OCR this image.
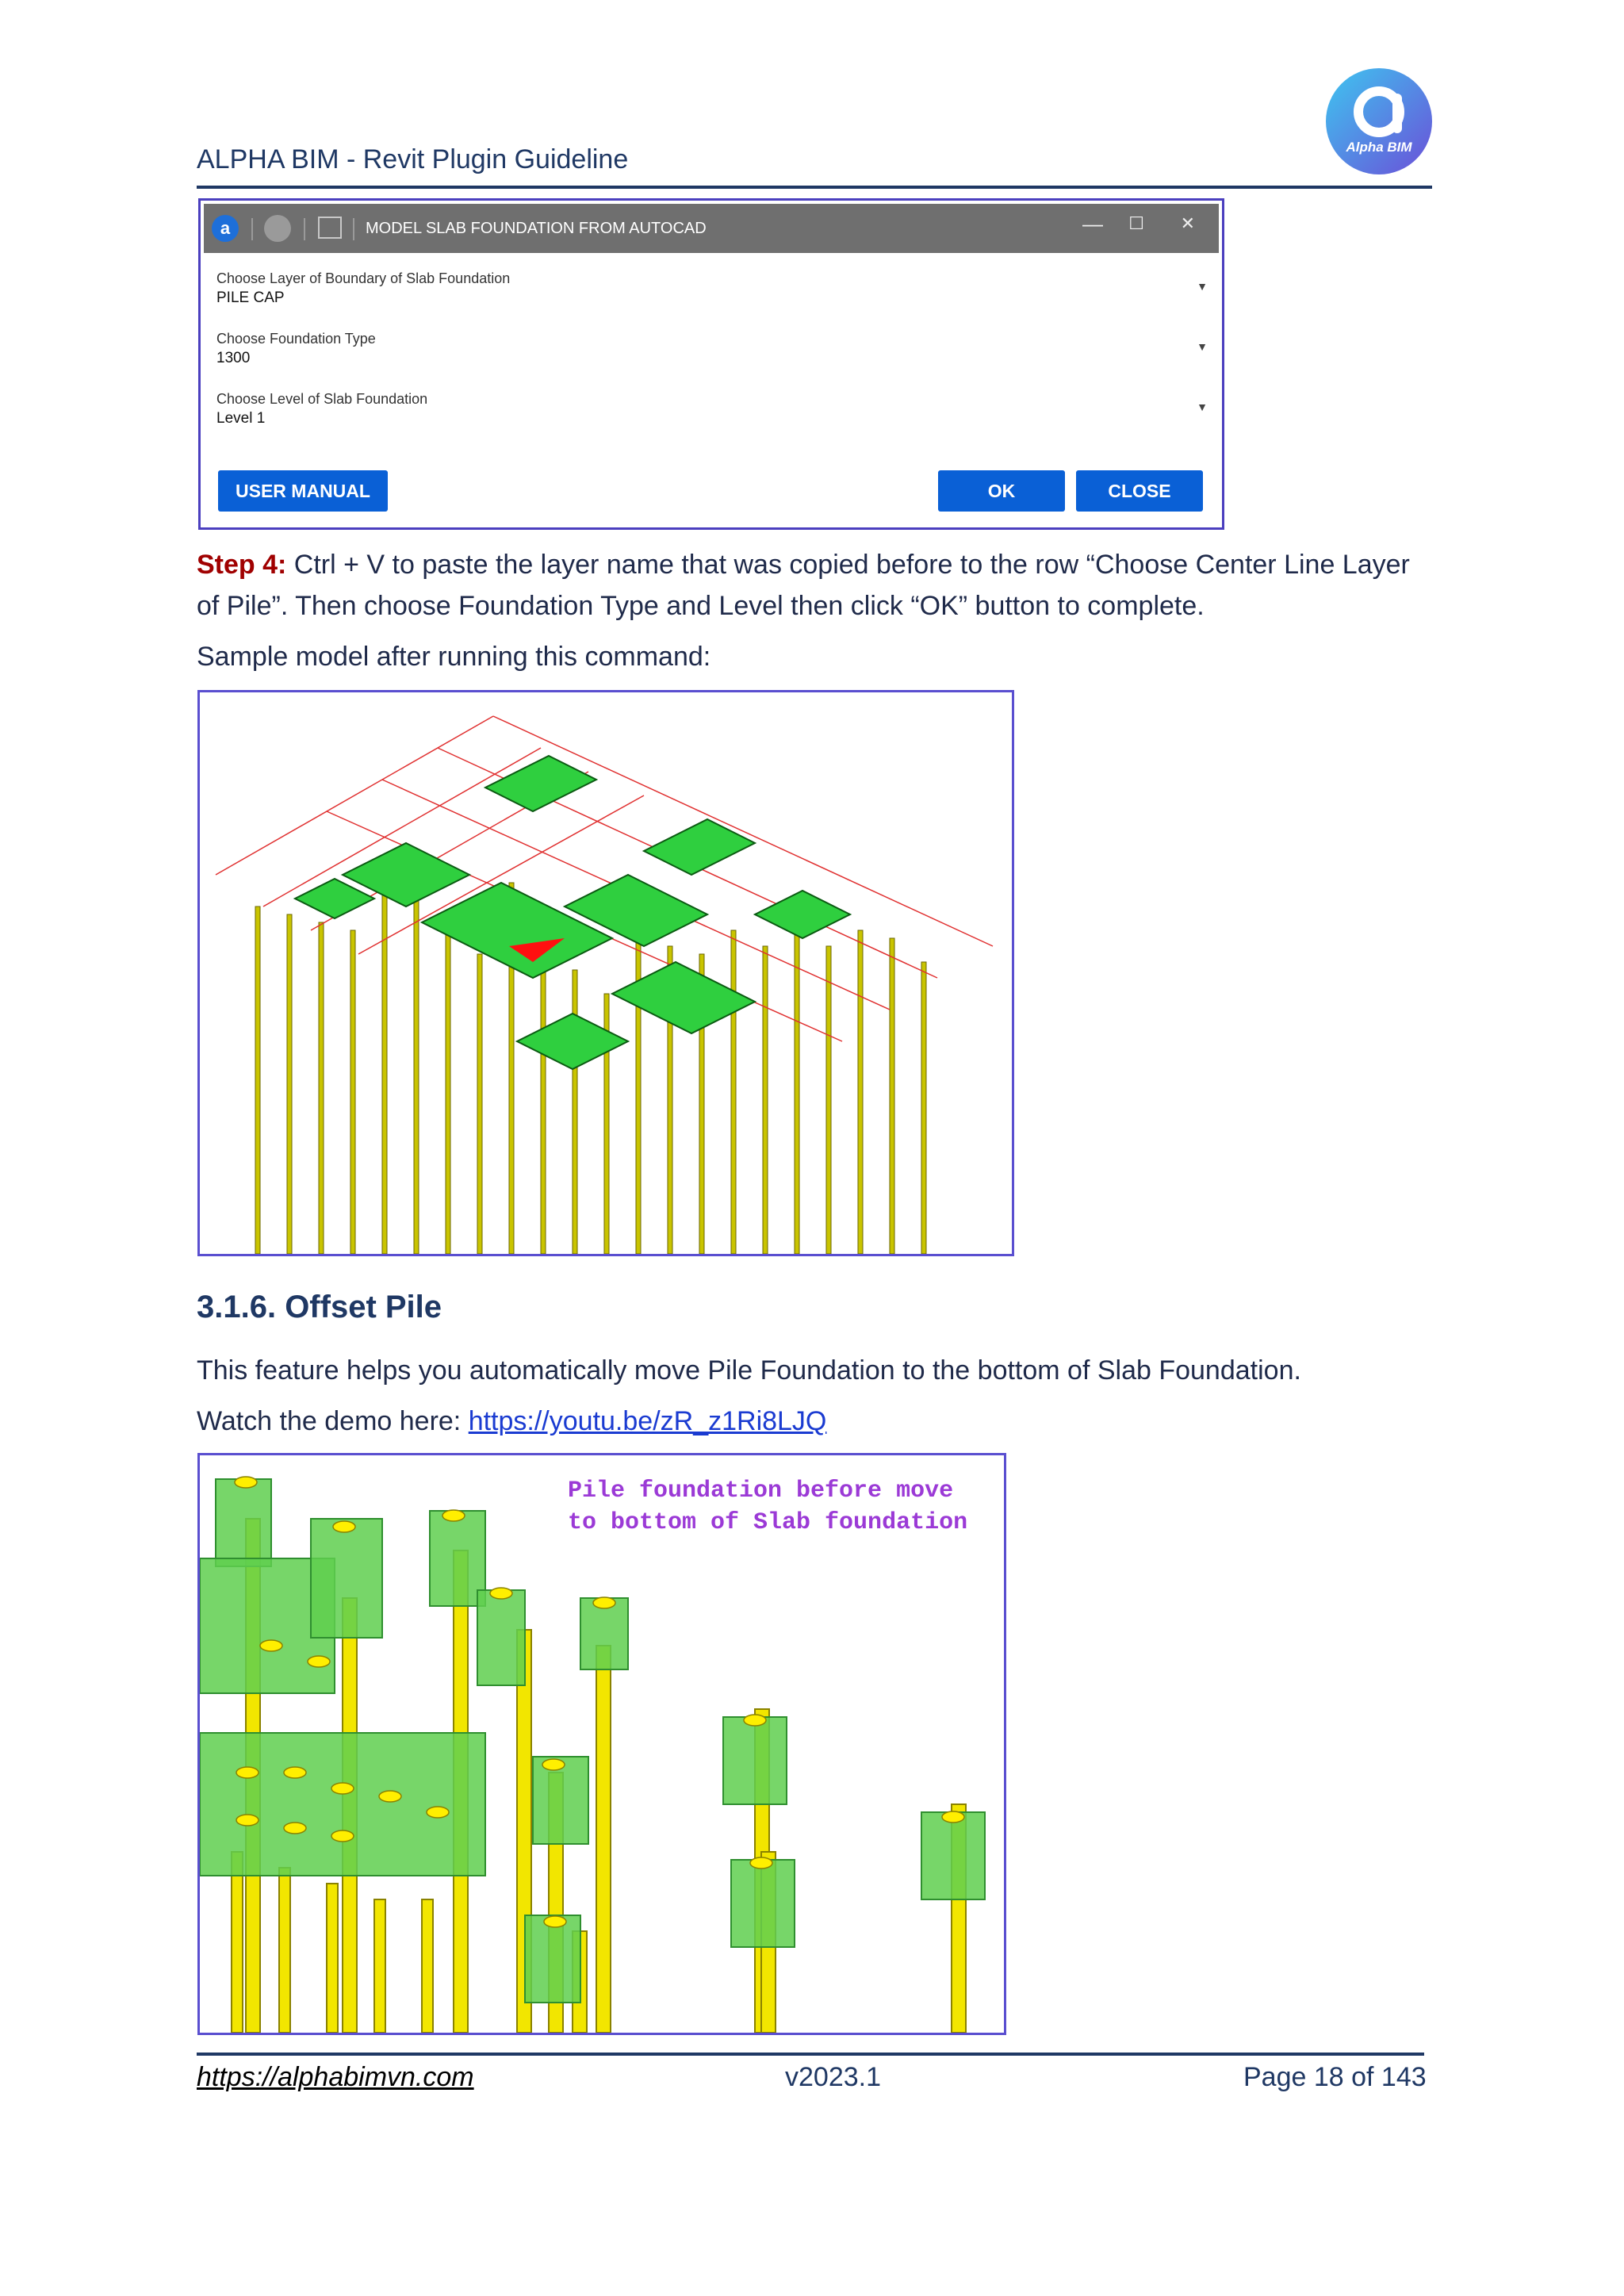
ALPHA BIM - Revit Plugin Guideline	Alpha BIM
a	MODEL SLAB FOUNDATION FROM AUTOCAD	— ☐ ✕
Choose Layer of Boundary of Slab Foundation
PILE CAP
▼
Choose Foundation Type
1300
▼
Choose Level of Slab Foundation
Level 1
▼
USER MANUAL	OK	CLOSE
Step 4: Ctrl + V to paste the layer name that was copied before to the row “Choose Center Line Layer of Pile”. Then choose Foundation Type and Level then click “OK” button to complete.
Sample model after running this command:
3.1.6. Offset Pile
This feature helps you automatically move Pile Foundation to the bottom of Slab Foundation.
Watch the demo here: https://youtu.be/zR_z1Ri8LJQ
Pile foundation before move
to bottom of Slab foundation
https://alphabimvn.com	v2023.1	Page 18 of 143
